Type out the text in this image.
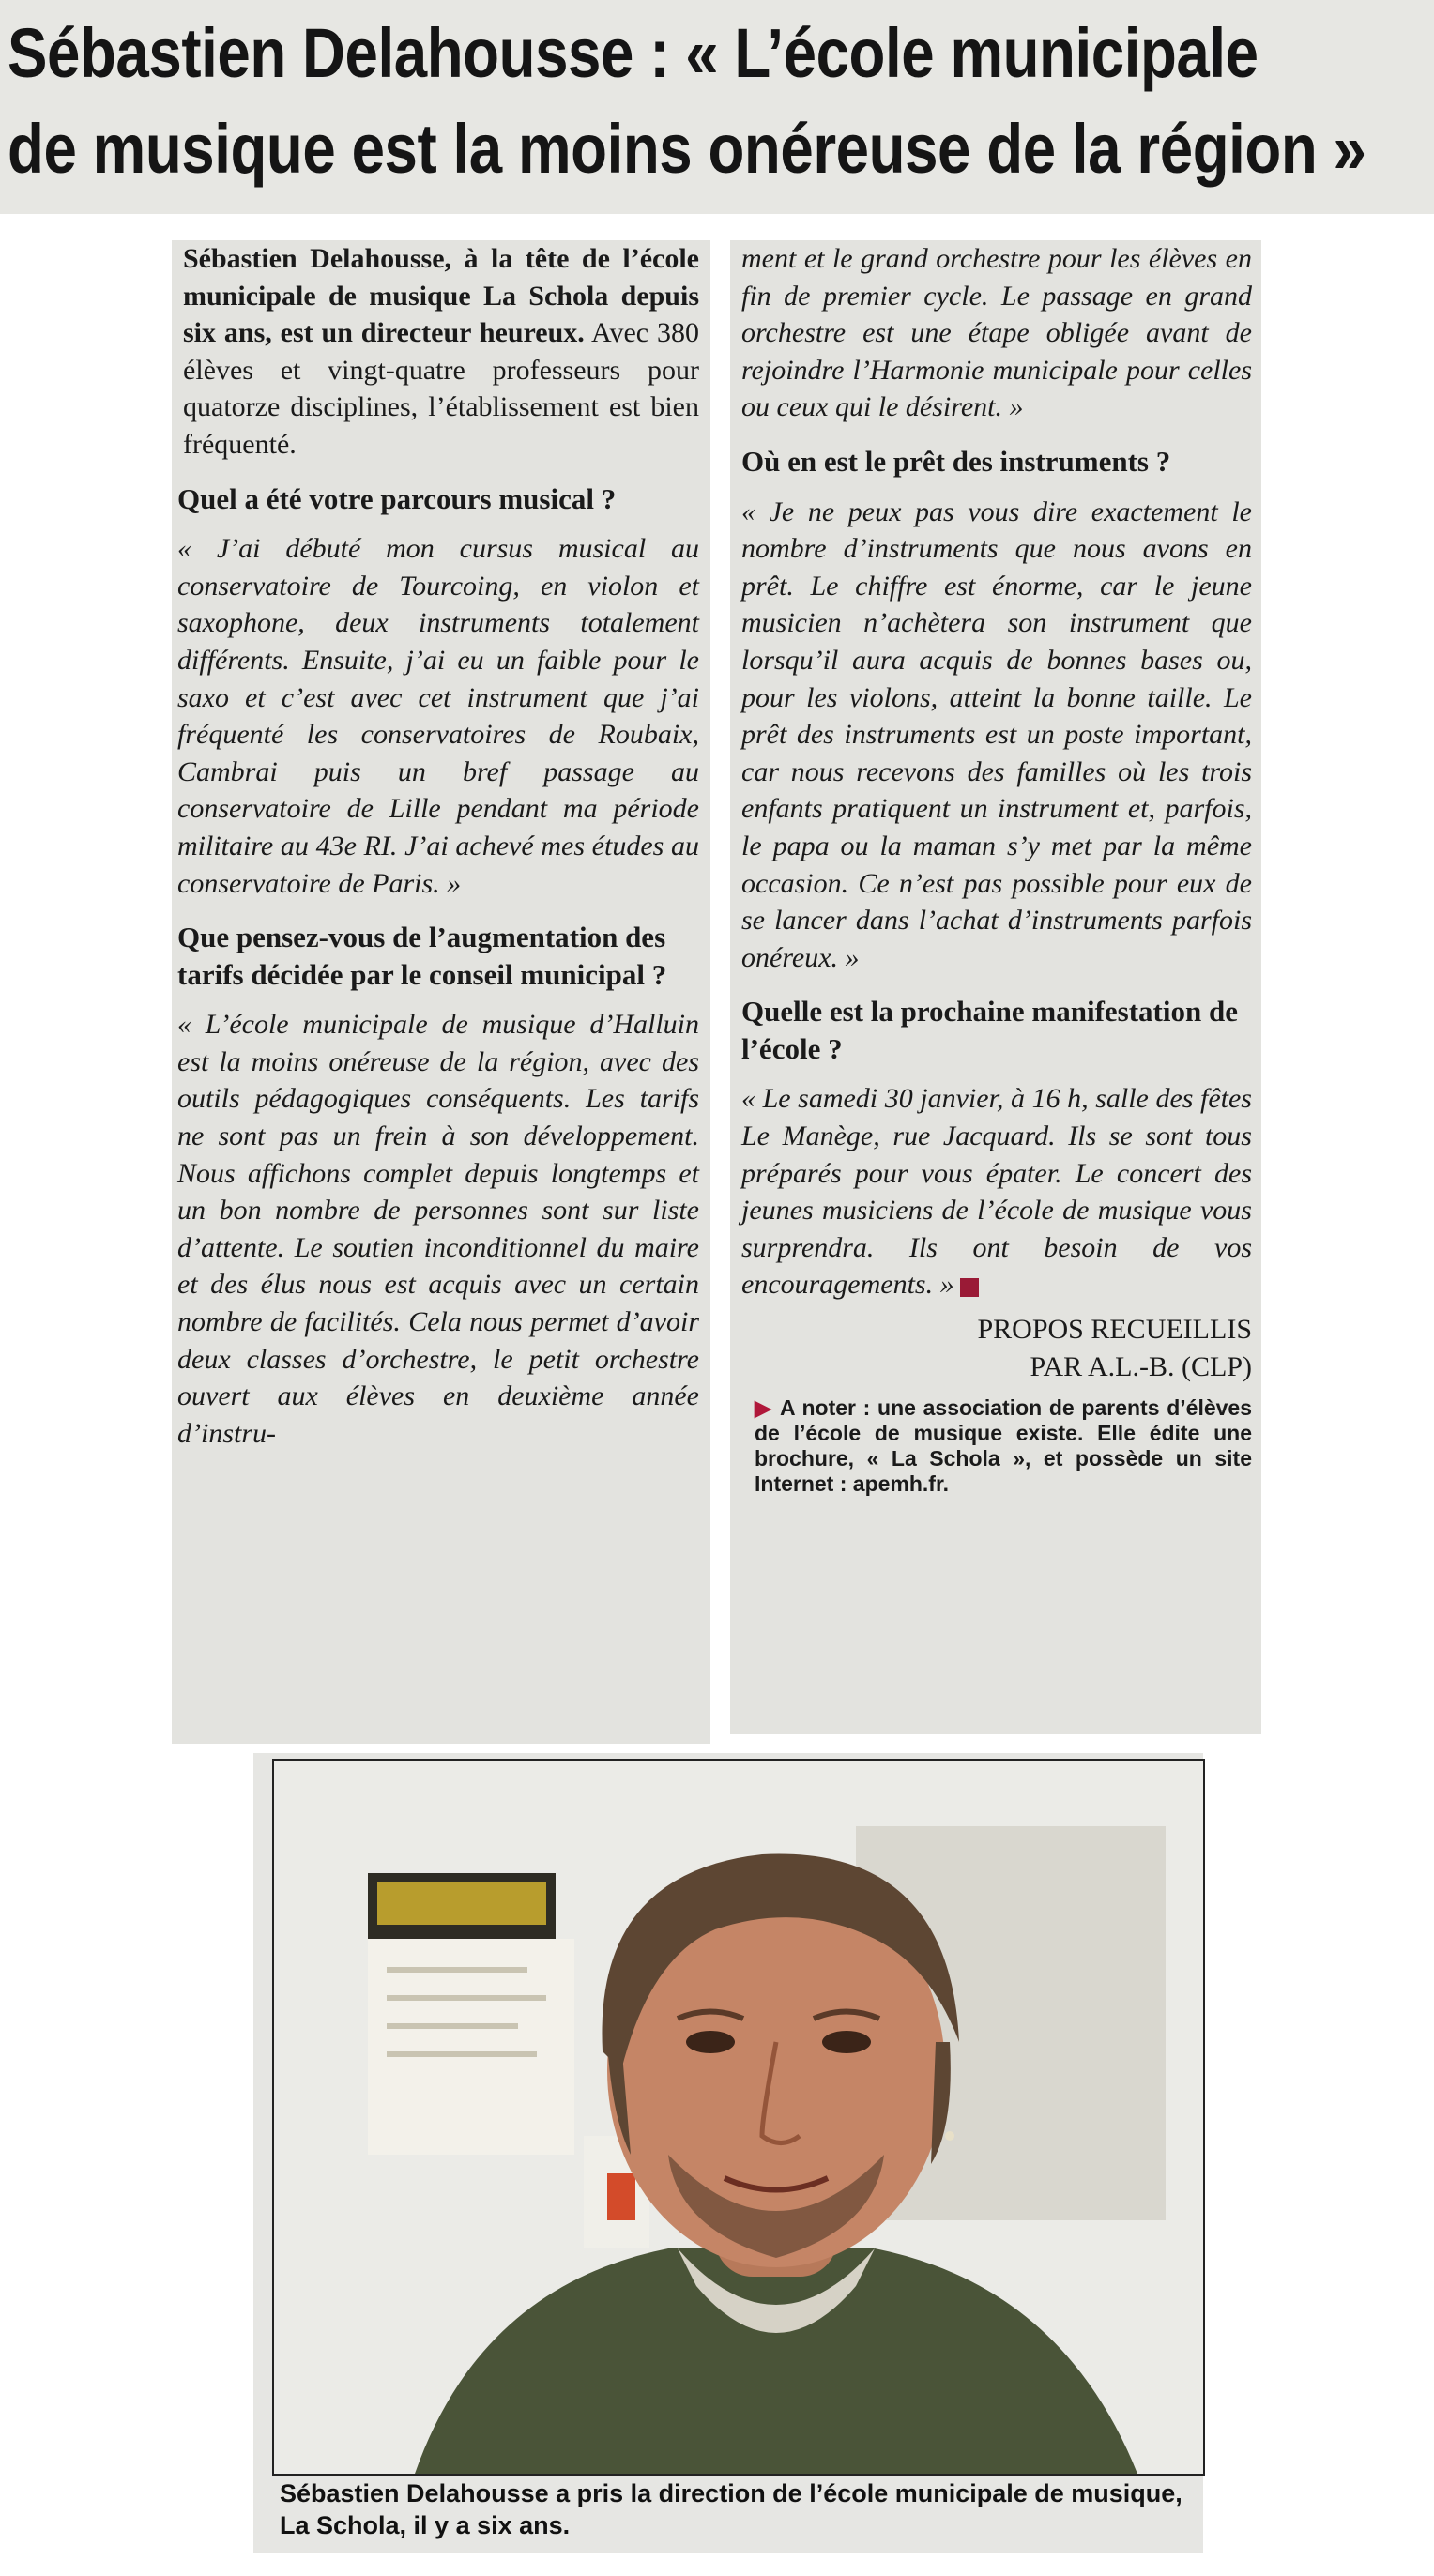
Sébastien Delahousse : « L’école municipale
de musique est la moins onéreuse de la région »

Sébastien Delahousse, à la tête de l’école municipale de musique La Schola depuis six ans, est un directeur heureux. Avec 380 élèves et vingt-quatre professeurs pour quatorze disciplines, l’établissement est bien fréquenté.

Quel a été votre parcours musical ?

« J’ai débuté mon cursus musical au conservatoire de Tourcoing, en violon et saxophone, deux instruments totalement différents. Ensuite, j’ai eu un faible pour le saxo et c’est avec cet instrument que j’ai fréquenté les conservatoires de Roubaix, Cambrai puis un bref passage au conservatoire de Lille pendant ma période militaire au 43e RI. J’ai achevé mes études au conservatoire de Paris. »

Que pensez-vous de l’augmentation des tarifs décidée par le conseil municipal ?

« L’école municipale de musique d’Halluin est la moins onéreuse de la région, avec des outils pédagogiques conséquents. Les tarifs ne sont pas un frein à son développement. Nous affichons complet depuis longtemps et un bon nombre de personnes sont sur liste d’attente. Le soutien inconditionnel du maire et des élus nous est acquis avec un certain nombre de facilités. Cela nous permet d’avoir deux classes d’orchestre, le petit orchestre ouvert aux élèves en deuxième année d’instru-

ment et le grand orchestre pour les élèves en fin de premier cycle. Le passage en grand orchestre est une étape obligée avant de rejoindre l’Harmonie municipale pour celles ou ceux qui le désirent. »

Où en est le prêt des instruments ?

« Je ne peux pas vous dire exactement le nombre d’instruments que nous avons en prêt. Le chiffre est énorme, car le jeune musicien n’achètera son instrument que lorsqu’il aura acquis de bonnes bases ou, pour les violons, atteint la bonne taille. Le prêt des instruments est un poste important, car nous recevons des familles où les trois enfants pratiquent un instrument et, parfois, le papa ou la maman s’y met par la même occasion. Ce n’est pas possible pour eux de se lancer dans l’achat d’instruments parfois onéreux. »

Quelle est la prochaine manifestation de l’école ?

« Le samedi 30 janvier, à 16 h, salle des fêtes Le Manège, rue Jacquard. Ils se sont tous préparés pour vous épater. Le concert des jeunes musiciens de l’école de musique vous surprendra. Ils ont besoin de vos encouragements. »

PROPOS RECUEILLIS
PAR A.L.-B. (CLP)
▶ A noter : une association de parents d’élèves de l’école de musique existe. Elle édite une brochure, « La Schola », et possède un site Internet : apemh.fr.
Sébastien Delahousse a pris la direction de l’école municipale de musique, La Schola, il y a six ans.
